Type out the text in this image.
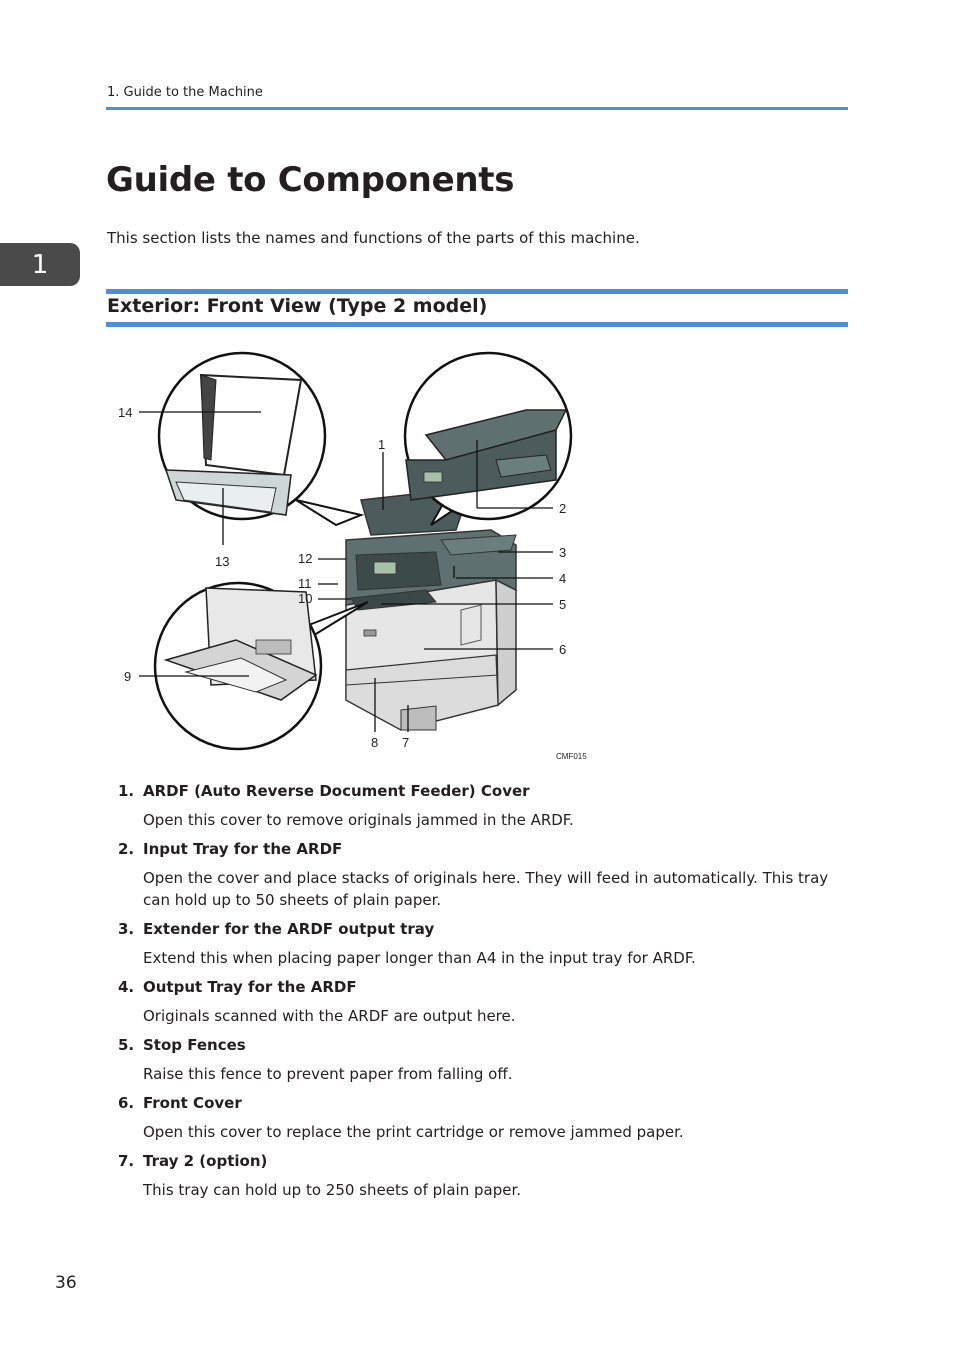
1. Guide to the Machine
Guide to Components

This section lists the names and functions of the parts of this machine.

1
Exterior: Front View (Type 2 model)
14
1
2
3
4
5
6
7
8
9
10
11
12
13
CMF015
1. ARDF (Auto Reverse Document Feeder) Cover
Open this cover to remove originals jammed in the ARDF.
2. Input Tray for the ARDF
Open the cover and place stacks of originals here. They will feed in automatically. This tray can hold up to 50 sheets of plain paper.
3. Extender for the ARDF output tray
Extend this when placing paper longer than A4 in the input tray for ARDF.
4. Output Tray for the ARDF
Originals scanned with the ARDF are output here.
5. Stop Fences
Raise this fence to prevent paper from falling off.
6. Front Cover
Open this cover to replace the print cartridge or remove jammed paper.
7. Tray 2 (option)
This tray can hold up to 250 sheets of plain paper.
36
